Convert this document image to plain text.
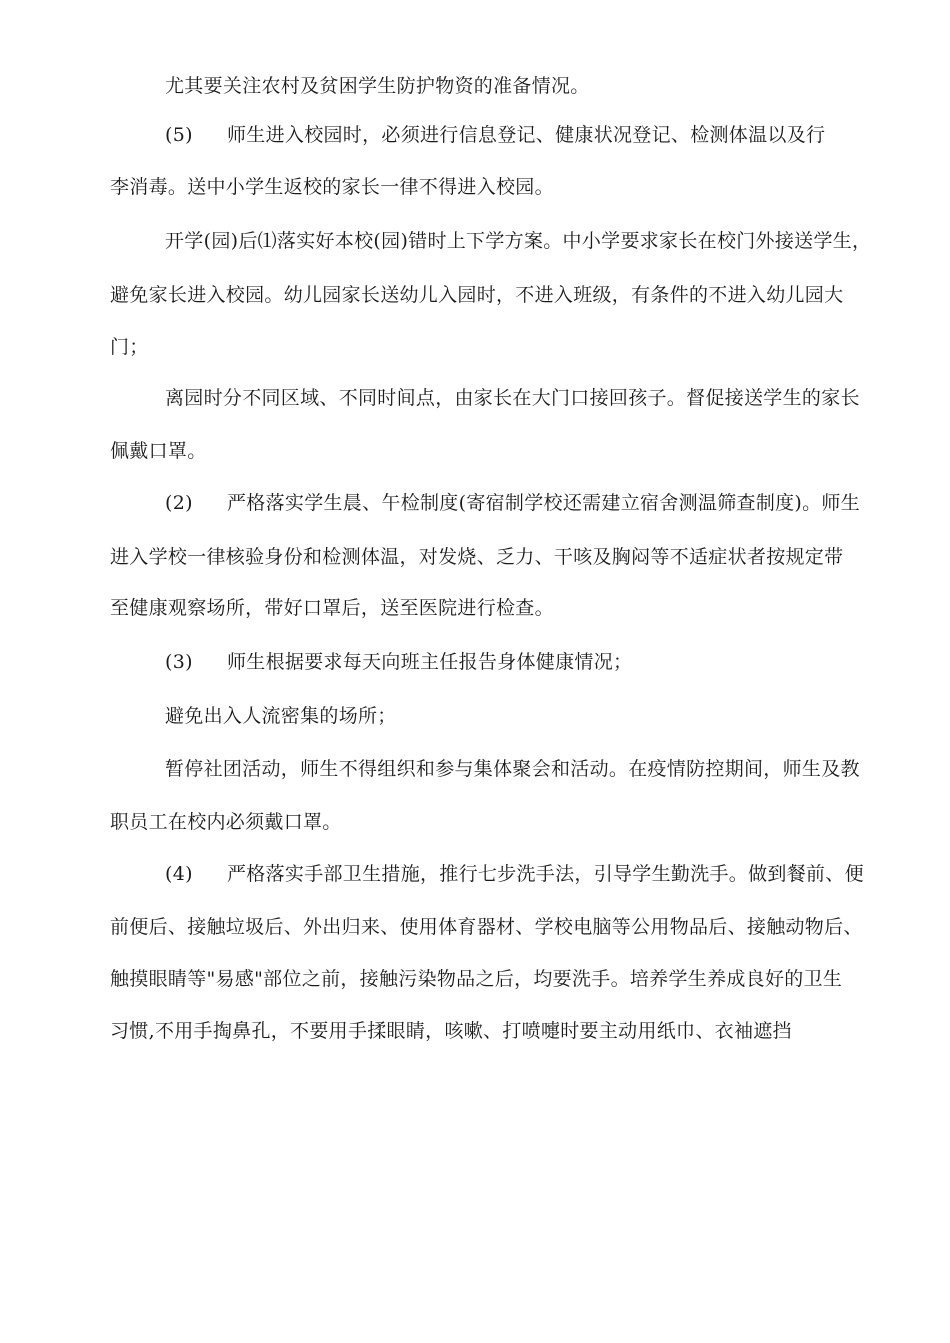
尤其要关注农村及贫困学生防护物资的准备情况。
(5) 师生进入校园时，必须进行信息登记、健康状况登记、检测体温以及行
李消毒。送中小学生返校的家长一律不得进入校园。
开学(园)后⑴落实好本校(园)错时上下学方案。中小学要求家长在校门外接送学生，
避免家长进入校园。幼儿园家长送幼儿入园时，不进入班级，有条件的不进入幼儿园大
门；
离园时分不同区域、不同时间点，由家长在大门口接回孩子。督促接送学生的家长
佩戴口罩。
(2) 严格落实学生晨、午检制度(寄宿制学校还需建立宿舍测温筛查制度)。师生
进入学校一律核验身份和检测体温，对发烧、乏力、干咳及胸闷等不适症状者按规定带
至健康观察场所，带好口罩后，送至医院进行检查。
(3) 师生根据要求每天向班主任报告身体健康情况；
避免出入人流密集的场所；
暂停社团活动，师生不得组织和参与集体聚会和活动。在疫情防控期间，师生及教
职员工在校内必须戴口罩。
(4) 严格落实手部卫生措施，推行七步洗手法，引导学生勤洗手。做到餐前、便
前便后、接触垃圾后、外出归来、使用体育器材、学校电脑等公用物品后、接触动物后、
触摸眼睛等"易感"部位之前，接触污染物品之后，均要洗手。培养学生养成良好的卫生
习惯,不用手掏鼻孔，不要用手揉眼睛，咳嗽、打喷嚏时要主动用纸巾、衣袖遮挡
